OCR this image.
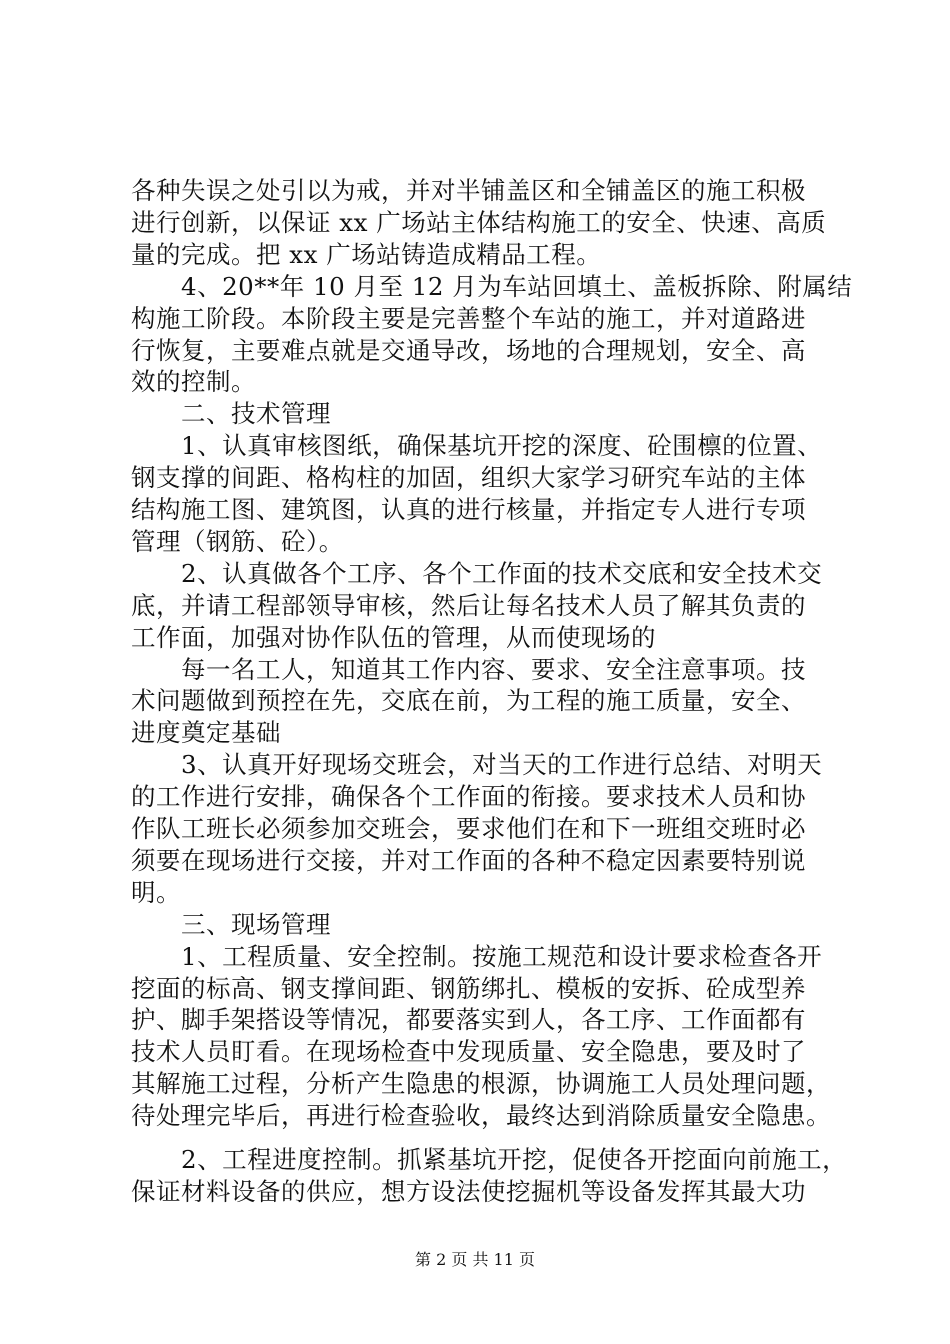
各种失误之处引以为戒，并对半铺盖区和全铺盖区的施工积极
进行创新，以保证 xx 广场站主体结构施工的安全、快速、高质
量的完成。把 xx 广场站铸造成精品工程。
4、20**年 10 月至 12 月为车站回填土、盖板拆除、附属结
构施工阶段。本阶段主要是完善整个车站的施工，并对道路进
行恢复，主要难点就是交通导改，场地的合理规划，安全、高
效的控制。
二、技术管理
1、认真审核图纸，确保基坑开挖的深度、砼围檩的位置、
钢支撑的间距、格构柱的加固，组织大家学习研究车站的主体
结构施工图、建筑图，认真的进行核量，并指定专人进行专项
管理（钢筋、砼）。
2、认真做各个工序、各个工作面的技术交底和安全技术交
底，并请工程部领导审核，然后让每名技术人员了解其负责的
工作面，加强对协作队伍的管理，从而使现场的
每一名工人，知道其工作内容、要求、安全注意事项。技
术问题做到预控在先，交底在前，为工程的施工质量，安全、
进度奠定基础
3、认真开好现场交班会，对当天的工作进行总结、对明天
的工作进行安排，确保各个工作面的衔接。要求技术人员和协
作队工班长必须参加交班会，要求他们在和下一班组交班时必
须要在现场进行交接，并对工作面的各种不稳定因素要特别说
明。
三、现场管理
1、工程质量、安全控制。按施工规范和设计要求检查各开
挖面的标高、钢支撑间距、钢筋绑扎、模板的安拆、砼成型养
护、脚手架搭设等情况，都要落实到人，各工序、工作面都有
技术人员盯看。在现场检查中发现质量、安全隐患，要及时了
其解施工过程，分析产生隐患的根源，协调施工人员处理问题，
待处理完毕后，再进行检查验收，最终达到消除质量安全隐患。
2、工程进度控制。抓紧基坑开挖，促使各开挖面向前施工，
保证材料设备的供应，想方设法使挖掘机等设备发挥其最大功
第 2 页 共 11 页
